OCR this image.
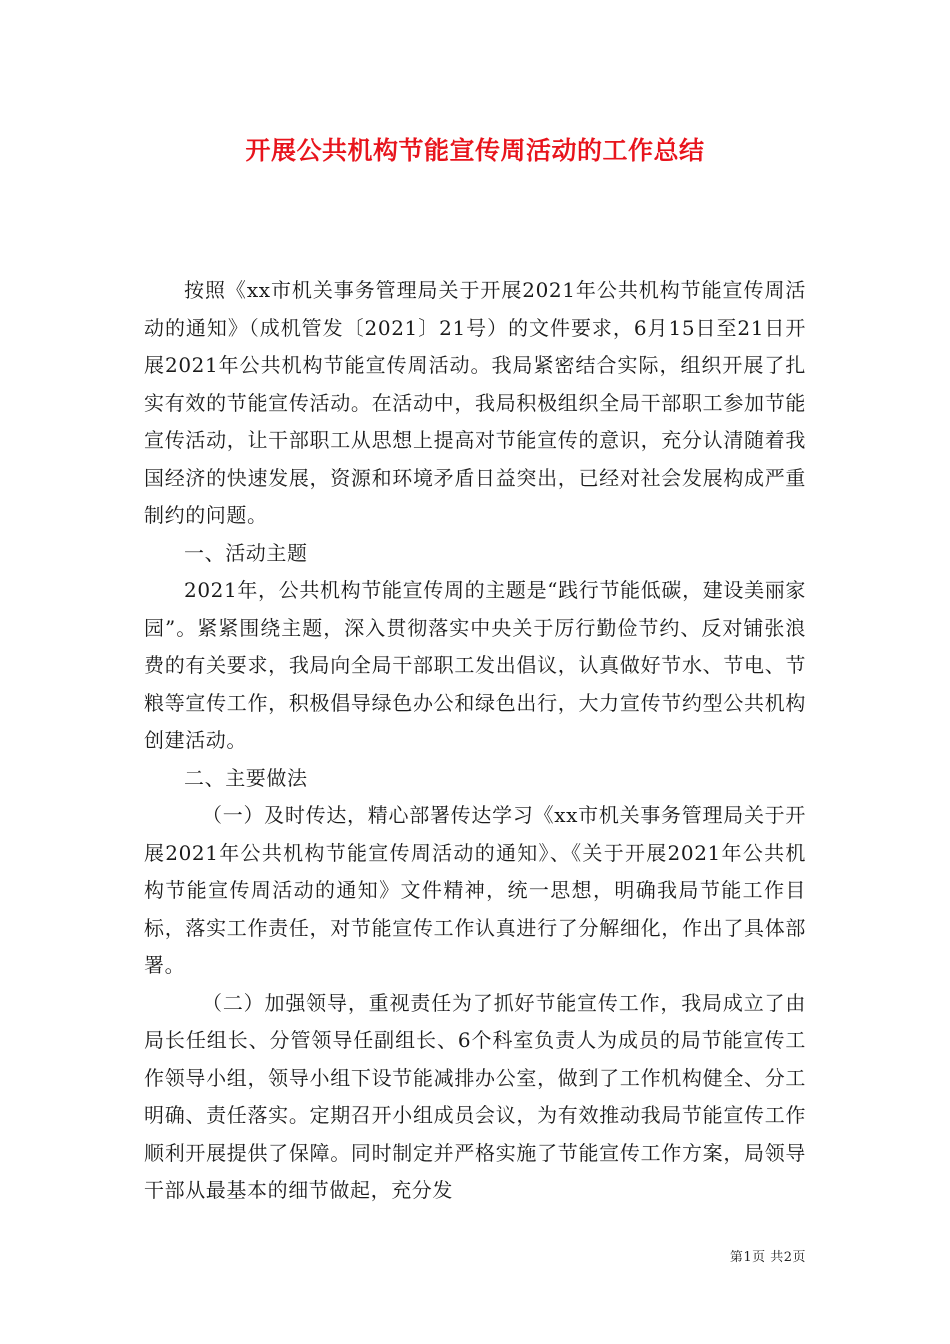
开展公共机构节能宣传周活动的工作总结

按照《xx市机关事务管理局关于开展2021年公共机构节能宣传周活动的通知》（成机管发〔2021〕21号）的文件要求，6月15日至21日开展2021年公共机构节能宣传周活动。我局紧密结合实际，组织开展了扎实有效的节能宣传活动。在活动中，我局积极组织全局干部职工参加节能宣传活动，让干部职工从思想上提高对节能宣传的意识，充分认清随着我国经济的快速发展，资源和环境矛盾日益突出，已经对社会发展构成严重制约的问题。

一、活动主题

2021年，公共机构节能宣传周的主题是“践行节能低碳，建设美丽家园”。紧紧围绕主题，深入贯彻落实中央关于厉行勤俭节约、反对铺张浪费的有关要求，我局向全局干部职工发出倡议，认真做好节水、节电、节粮等宣传工作，积极倡导绿色办公和绿色出行，大力宣传节约型公共机构创建活动。

二、主要做法

（一）及时传达，精心部署传达学习《xx市机关事务管理局关于开展2021年公共机构节能宣传周活动的通知》、《关于开展2021年公共机构节能宣传周活动的通知》文件精神，统一思想，明确我局节能工作目标，落实工作责任，对节能宣传工作认真进行了分解细化，作出了具体部署。

（二）加强领导，重视责任为了抓好节能宣传工作，我局成立了由局长任组长、分管领导任副组长、6个科室负责人为成员的局节能宣传工作领导小组，领导小组下设节能减排办公室，做到了工作机构健全、分工明确、责任落实。定期召开小组成员会议，为有效推动我局节能宣传工作顺利开展提供了保障。同时制定并严格实施了节能宣传工作方案，局领导干部从最基本的细节做起，充分发

第1页 共2页
